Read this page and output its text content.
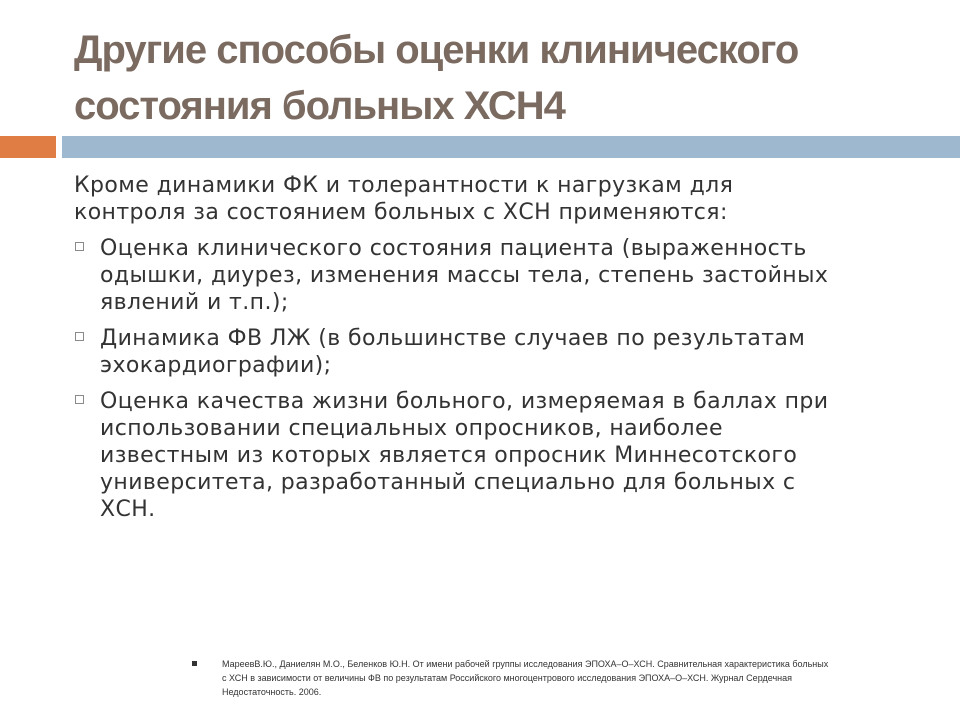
Другие способы оценки клинического
состояния больных ХСН4

Кроме динамики ФК и толерантности к нагрузкам для
контроля за состоянием больных с ХСН применяются:

Оценка клинического состояния пациента (выраженность
одышки, диурез, изменения массы тела, степень застойных
явлений и т.п.);
Динамика ФВ ЛЖ (в большинстве случаев по результатам
эхокардиографии);
Оценка качества жизни больного, измеряемая в баллах при
использовании специальных опросников, наиболее
известным из которых является опросник Миннесотского
университета, разработанный специально для больных с
ХСН.
МареевВ.Ю., Даниелян М.О., Беленков Ю.Н. От имени рабочей группы исследования ЭПОХА–О–ХСН. Сравнительная характеристика больных
с ХСН в зависимости от величины ФВ по результатам Российского многоцентрового исследования ЭПОХА–О–ХСН. Журнал Сердечная
Недостаточность. 2006.
